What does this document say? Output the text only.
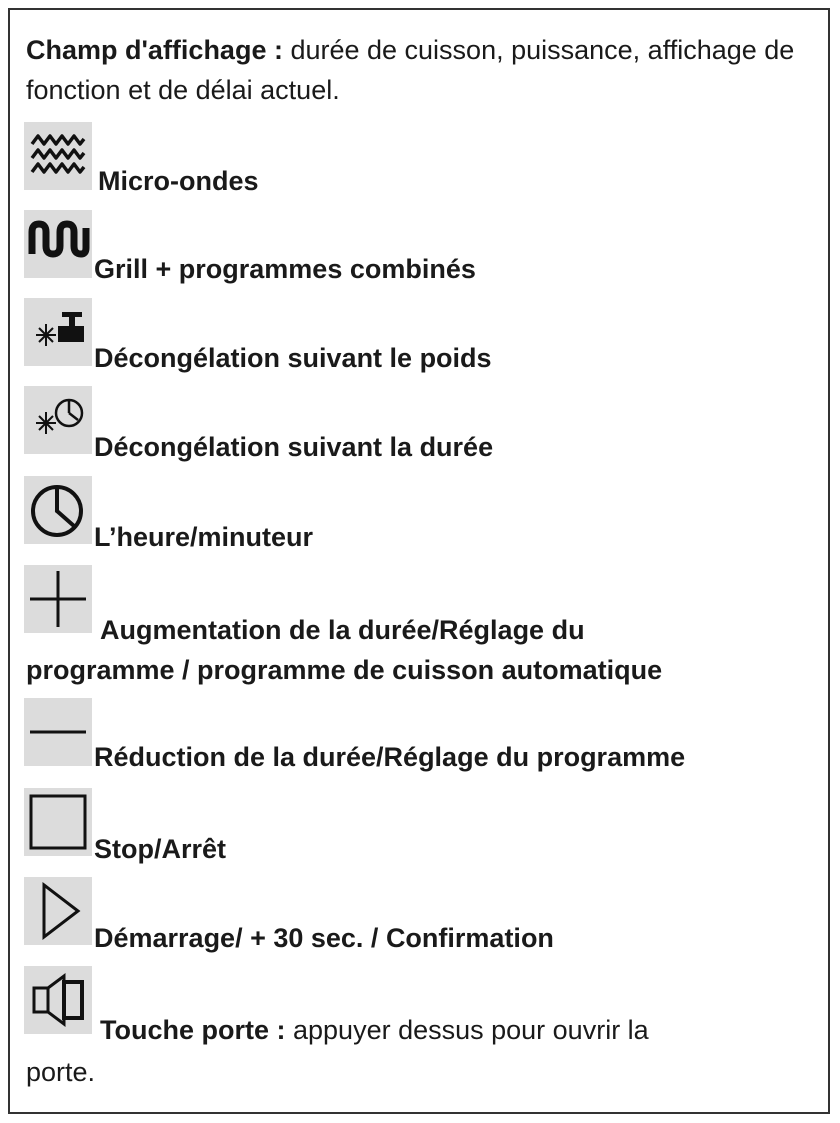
Champ d'affichage : durée de cuisson, puissance, affichage de fonction et de délai actuel.
Micro-ondes
Grill + programmes combinés
Décongélation suivant le poids
Décongélation suivant la durée
L’heure/minuteur
Augmentation de la durée/Réglage du
programme / programme de cuisson automatique
Réduction de la durée/Réglage du programme
Stop/Arrêt
Démarrage/ + 30 sec. / Confirmation
Touche porte : appuyer dessus pour ouvrir la
porte.
